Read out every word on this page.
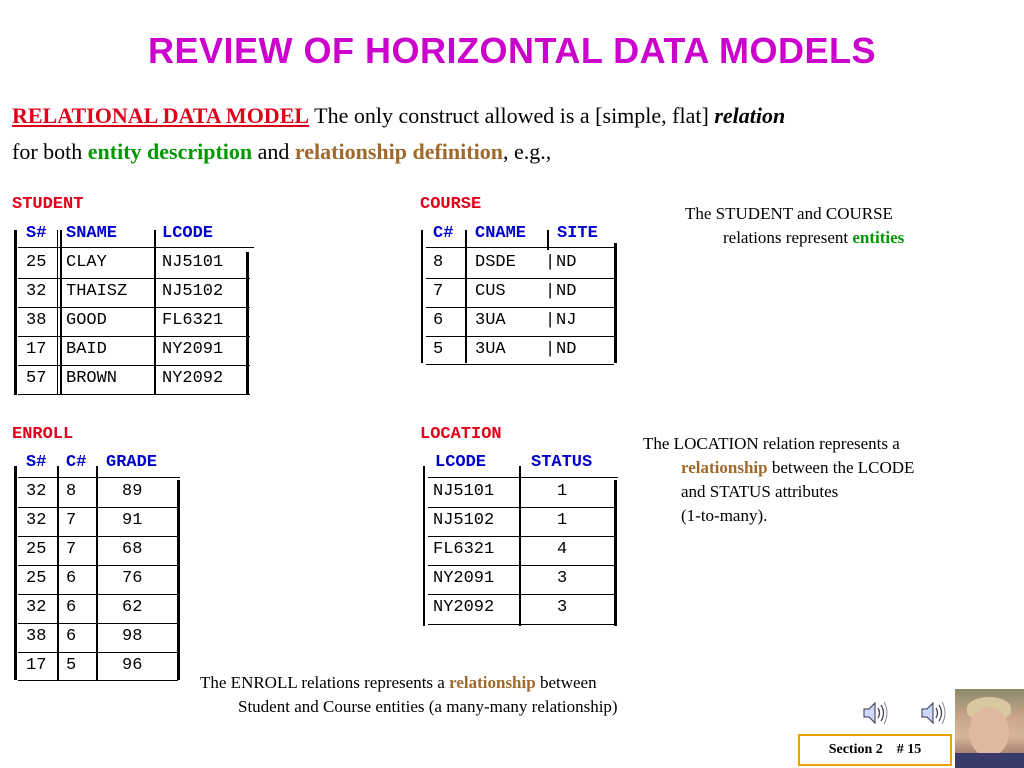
REVIEW OF HORIZONTAL DATA MODELS
RELATIONAL DATA MODEL The only construct allowed is a [simple, flat] relation
for both entity description and relationship definition, e.g.,
STUDENT
S# SNAME	LCODE
25 CLAY	NJ5101
32 THAISZ NJ5102
38 GOOD	FL6321
17 BAID	NY2091
57 BROWN	NY2092
COURSE
C# CNAME SITE
8 DSDE | ND
7 CUS | ND
6 3UA | NJ
5 3UA | ND
The STUDENT and COURSE
relations represent entities
ENROLL
S# C# GRADE
32 8	89
32 7	91
25 7	68
25 6	76
32 6	62
38 6	98
17 5	96
LOCATION
LCODE	STATUS
NJ5101	1
NJ5102	1
FL6321	4
NY2091	3
NY2092	3
The LOCATION relation represents a
relationship between the LCODE
and STATUS attributes
(1-to-many).
The ENROLL relations represents a relationship between
Student and Course entities (a many-many relationship)
Section 2    # 15
